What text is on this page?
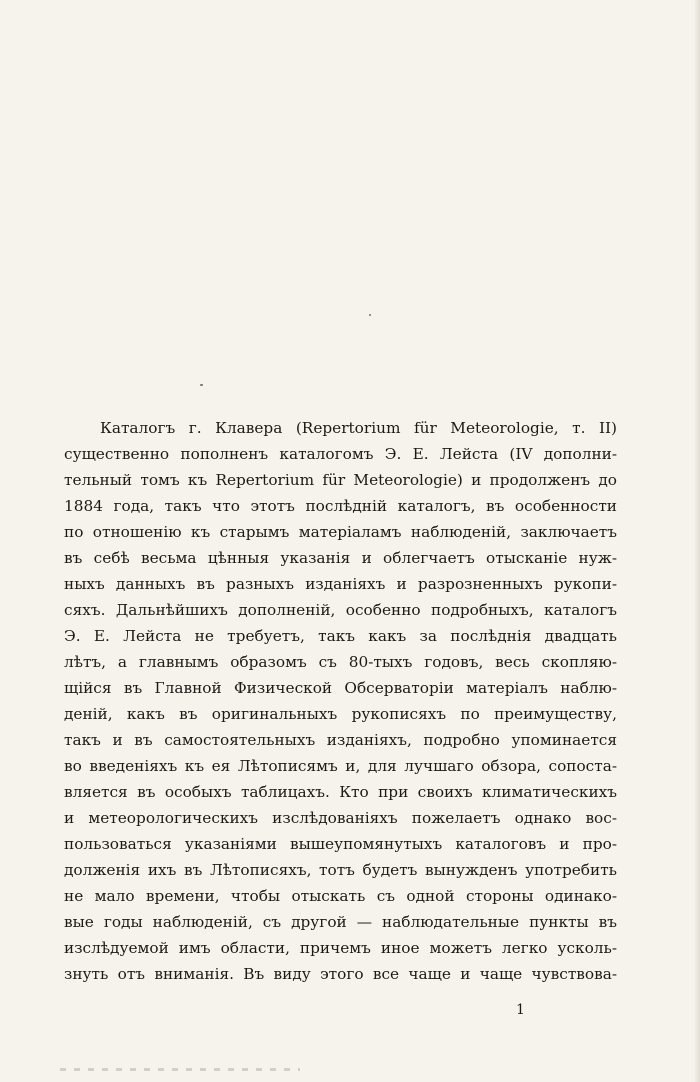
Каталогъ г. Клавера (Repertorium für Meteorologie, т. II)
существенно пополненъ каталогомъ Э. Е. Лейста (IV дополни-
тельный томъ къ Repertorium für Meteorologie) и продолженъ до
1884 года, такъ что этотъ послѣдній каталогъ, въ особенности
по отношенію къ старымъ матеріаламъ наблюденій, заключаетъ
въ себѣ весьма цѣнныя указанія и облегчаетъ отысканіе нуж-
ныхъ данныхъ въ разныхъ изданіяхъ и разрозненныхъ рукопи-
сяхъ. Дальнѣйшихъ дополненій, особенно подробныхъ, каталогъ
Э. Е. Лейста не требуетъ, такъ какъ за послѣднія двадцать
лѣтъ, а главнымъ образомъ съ 80-тыхъ годовъ, весь скопляю-
щійся въ Главной Физической Обсерваторіи матеріалъ наблю-
деній, какъ въ оригинальныхъ рукописяхъ по преимуществу,
такъ и въ самостоятельныхъ изданіяхъ, подробно упоминается
во введеніяхъ къ ея Лѣтописямъ и, для лучшаго обзора, сопоста-
вляется въ особыхъ таблицахъ. Кто при своихъ климатическихъ
и метеорологическихъ изслѣдованіяхъ пожелаетъ однако вос-
пользоваться указаніями вышеупомянутыхъ каталоговъ и про-
долженія ихъ въ Лѣтописяхъ, тотъ будетъ вынужденъ употребить
не мало времени, чтобы отыскать съ одной стороны одинако-
вые годы наблюденій, съ другой — наблюдательные пункты въ
изслѣдуемой имъ области, причемъ иное можетъ легко усколь-
знуть отъ вниманія. Въ виду этого все чаще и чаще чувствова-
1
